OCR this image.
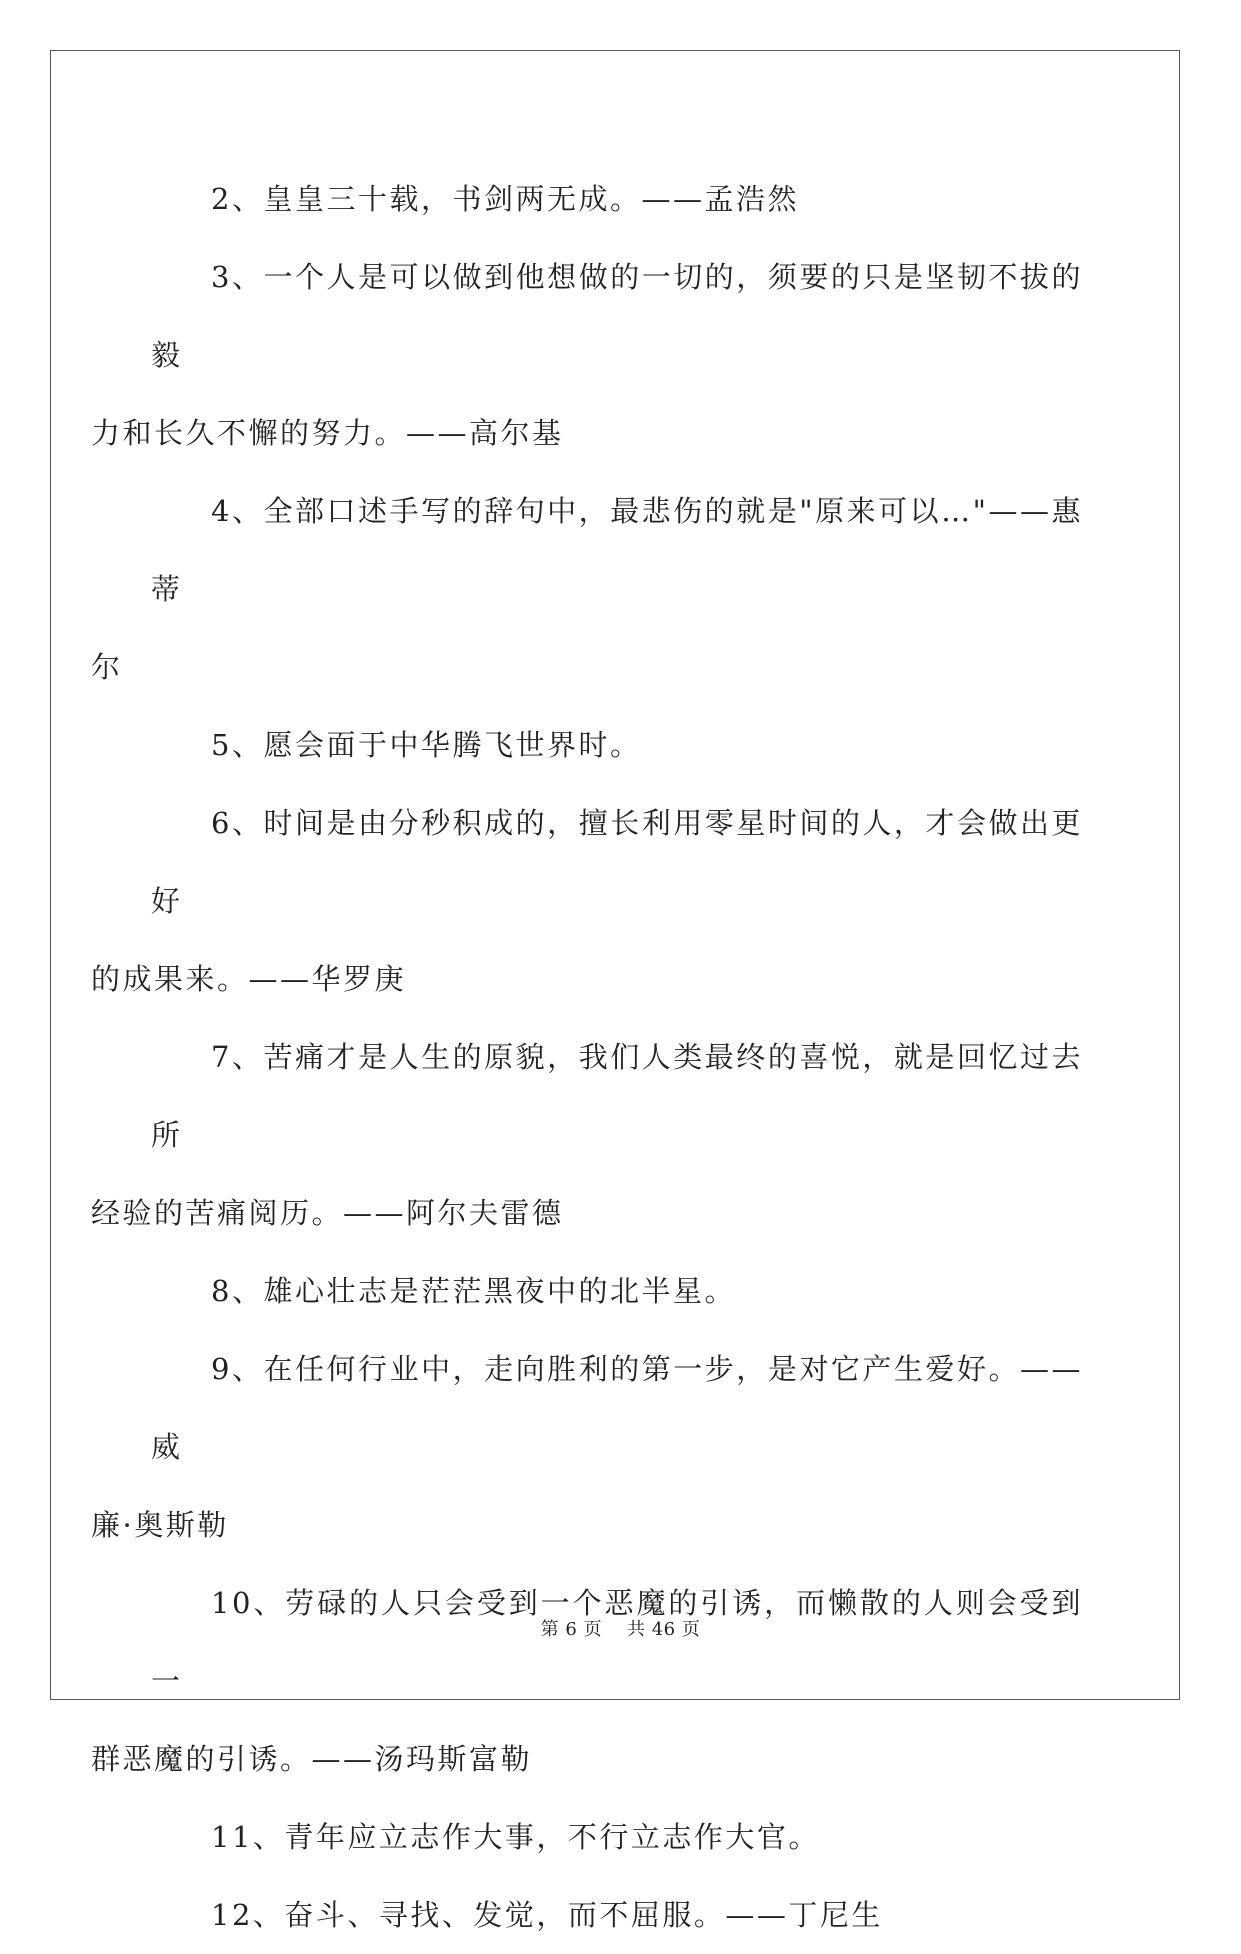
2、皇皇三十载，书剑两无成。——孟浩然

3、一个人是可以做到他想做的一切的，须要的只是坚韧不拔的毅
力和长久不懈的努力。——高尔基

4、全部口述手写的辞句中，最悲伤的就是"原来可以…"——惠蒂
尔

5、愿会面于中华腾飞世界时。

6、时间是由分秒积成的，擅长利用零星时间的人，才会做出更好
的成果来。——华罗庚

7、苦痛才是人生的原貌，我们人类最终的喜悦，就是回忆过去所
经验的苦痛阅历。——阿尔夫雷德

8、雄心壮志是茫茫黑夜中的北半星。

9、在任何行业中，走向胜利的第一步，是对它产生爱好。——威
廉·奥斯勒

10、劳碌的人只会受到一个恶魔的引诱，而懒散的人则会受到一
群恶魔的引诱。——汤玛斯富勒

11、青年应立志作大事，不行立志作大官。

12、奋斗、寻找、发觉，而不屈服。——丁尼生

第 6 页 共 46 页
